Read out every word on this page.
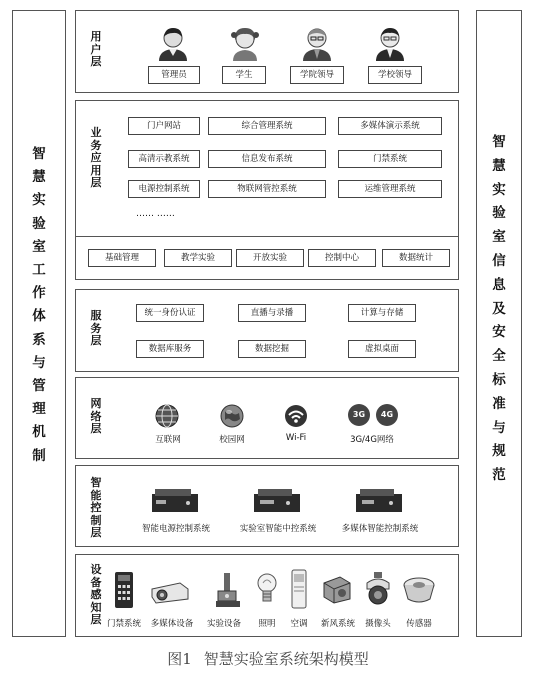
智
慧
实
验
室
工
作
体
系
与
管
理
机
制
智
慧
实
验
室
信
息
及
安
全
标
准
与
规
范
用
户
层
管理员	学生	学院领导	学校领导
业
务
应
用
层
门户网站	综合管理系统	多媒体演示系统
高清示教系统	信息发布系统	门禁系统
电源控制系统	物联网管控系统	运维管理系统
…… ……
基础管理	教学实验	开放实验	控制中心	数据统计
服
务
层
统一身份认证	直播与录播	计算与存储
数据库服务	数据挖掘	虚拟桌面
网
络
层
3G	4G
互联网	校园网	Wi-Fi	3G/4G网络
智
能
控
制
层	智能电源控制系统	实验室智能中控系统	多媒体智能控制系统
设
备
感
知
层 门禁系统	多媒体设备	实验设备	照明	空调	新风系统	摄像头	传感器
图1 智慧实验室系统架构模型
